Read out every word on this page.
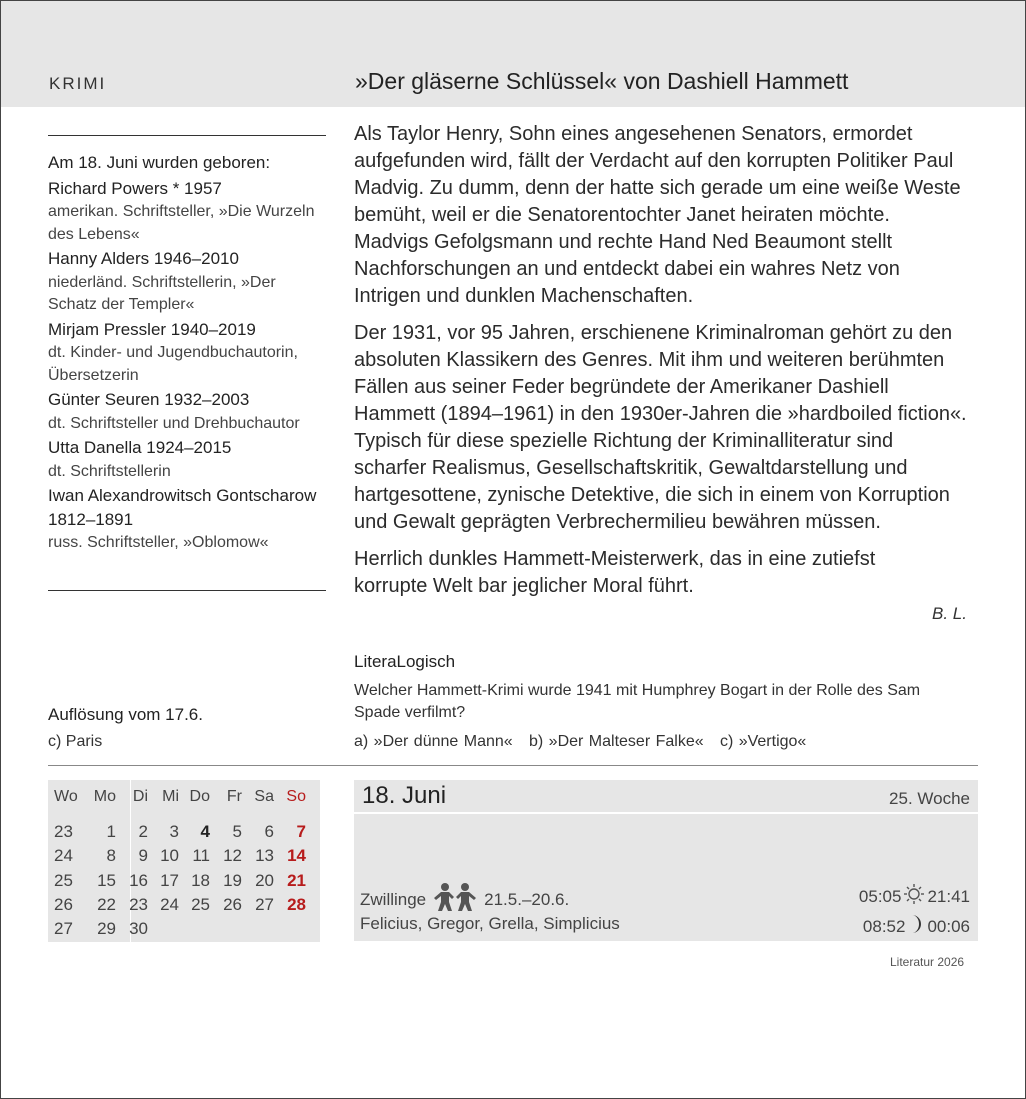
KRIMI	»Der gläserne Schlüssel« von Dashiell Hammett
Am 18. Juni wurden geboren:
Richard Powers * 1957
amerikan. Schriftsteller, »Die Wurzeln des Lebens«
Hanny Alders 1946–2010
niederländ. Schriftstellerin, »Der Schatz der Templer«
Mirjam Pressler 1940–2019
dt. Kinder- und Jugendbuchautorin, Übersetzerin
Günter Seuren 1932–2003
dt. Schriftsteller und Drehbuchautor
Utta Danella 1924–2015
dt. Schriftstellerin
Iwan Alexandrowitsch Gontscharow 1812–1891
russ. Schriftsteller, »Oblomow«

Als Taylor Henry, Sohn eines angesehenen Senators, ermordet aufgefunden wird, fällt der Verdacht auf den korrupten Politiker Paul Madvig. Zu dumm, denn der hatte sich gerade um eine weiße Weste bemüht, weil er die Senatorentochter Janet heiraten möchte. Madvigs Gefolgsmann und rechte Hand Ned Beaumont stellt Nachforschungen an und entdeckt dabei ein wahres Netz von Intrigen und dunklen Machenschaften.

Der 1931, vor 95 Jahren, erschienene Kriminalroman gehört zu den absoluten Klassikern des Genres. Mit ihm und weiteren berühmten Fällen aus seiner Feder begründete der Amerikaner Dashiell Hammett (1894–1961) in den 1930er-Jahren die »hardboiled fiction«. Typisch für diese spezielle Richtung der Kriminalliteratur sind scharfer Realismus, Gesellschaftskritik, Gewaltdarstellung und hartgesottene, zynische Detektive, die sich in einem von Korruption und Gewalt geprägten Verbrechermilieu bewähren müssen.

Herrlich dunkles Hammett-Meisterwerk, das in eine zutiefst korrupte Welt bar jeglicher Moral führt.

B. L.
LiteraLogisch
Welcher Hammett-Krimi wurde 1941 mit Humphrey Bogart in der Rolle des Sam Spade verfilmt?
a) »Der dünne Mann«   b) »Der Malteser Falke«   c) »Vertigo«
Auflösung vom 17.6.
c) Paris
Wo	Mo	Di Mi Do	Fr Sa So
23	1	2	3	4	5	6	7
24	8	9 10 11 12 13 14
25	15 16 17 18 19 20 21
26	22 23 24 25 26 27 28
27	29 30
18. Juni	25. Woche
Zwillinge	21.5.–20.6.
Felicius, Gregor, Grella, Simplicius
05:05 21:41
08:52 00:06
Literatur 2026
